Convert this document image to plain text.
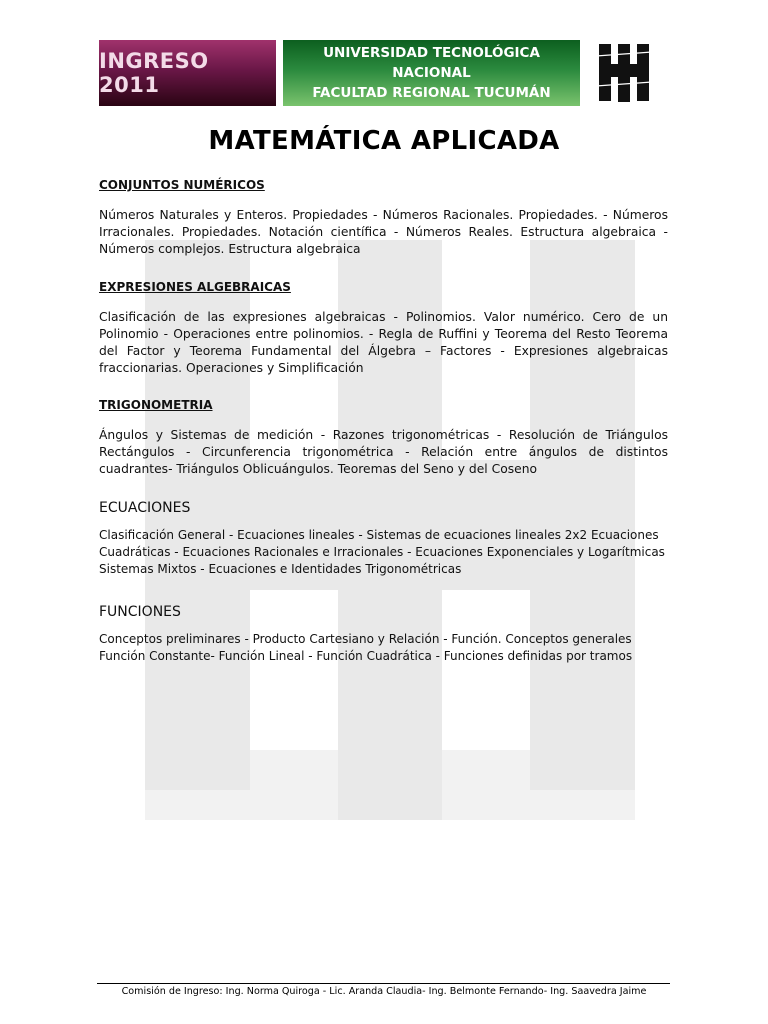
INGRESO 2011
UNIVERSIDAD TECNOLÓGICA
NACIONAL
FACULTAD REGIONAL TUCUMÁN
MATEMÁTICA APLICADA
CONJUNTOS NUMÉRICOS

Números Naturales y Enteros. Propiedades - Números Racionales. Propiedades. - Números Irracionales. Propiedades. Notación científica - Números Reales. Estructura algebraica - Números complejos. Estructura algebraica

EXPRESIONES ALGEBRAICAS

Clasificación de las expresiones algebraicas - Polinomios. Valor numérico. Cero de un Polinomio - Operaciones entre polinomios. - Regla de Ruffini y Teorema del Resto Teorema del Factor y Teorema Fundamental del Álgebra – Factores - Expresiones algebraicas fraccionarias. Operaciones y Simplificación

TRIGONOMETRIA

Ángulos y Sistemas de medición - Razones trigonométricas - Resolución de Triángulos Rectángulos - Circunferencia trigonométrica - Relación entre ángulos de distintos cuadrantes- Triángulos Oblicuángulos. Teoremas del Seno y del Coseno

ECUACIONES
Clasificación General - Ecuaciones lineales - Sistemas de ecuaciones lineales 2x2 Ecuaciones
Cuadráticas - Ecuaciones Racionales e Irracionales - Ecuaciones Exponenciales y Logarítmicas
Sistemas Mixtos - Ecuaciones e Identidades Trigonométricas
FUNCIONES
Conceptos preliminares - Producto Cartesiano y Relación - Función. Conceptos generales
Función Constante- Función Lineal - Función Cuadrática - Funciones definidas por tramos
Comisión de Ingreso: Ing. Norma Quiroga - Lic. Aranda Claudia- Ing. Belmonte Fernando- Ing. Saavedra Jaime
